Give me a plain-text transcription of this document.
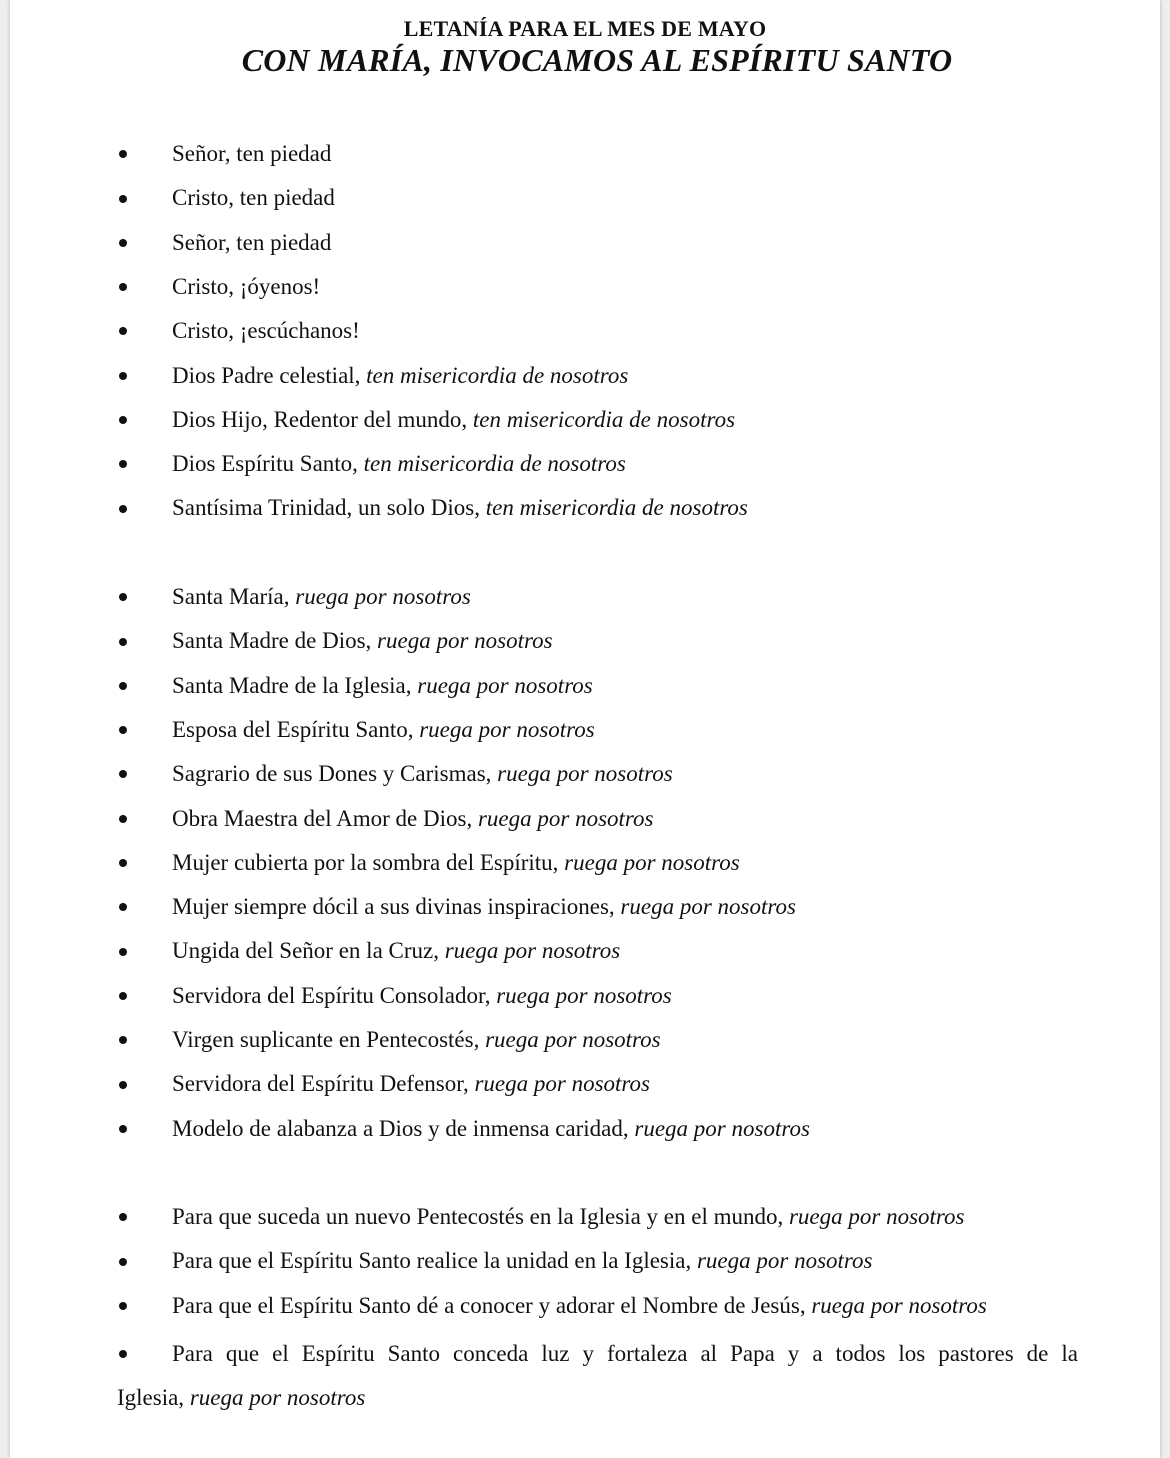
LETANÍA PARA EL MES DE MAYO
CON MARÍA, INVOCAMOS AL ESPÍRITU SANTO
Señor, ten piedad
Cristo, ten piedad
Señor, ten piedad
Cristo, ¡óyenos!
Cristo, ¡escúchanos!
Dios Padre celestial, ten misericordia de nosotros
Dios Hijo, Redentor del mundo, ten misericordia de nosotros
Dios Espíritu Santo, ten misericordia de nosotros
Santísima Trinidad, un solo Dios, ten misericordia de nosotros
Santa María, ruega por nosotros
Santa Madre de Dios, ruega por nosotros
Santa Madre de la Iglesia, ruega por nosotros
Esposa del Espíritu Santo, ruega por nosotros
Sagrario de sus Dones y Carismas, ruega por nosotros
Obra Maestra del Amor de Dios, ruega por nosotros
Mujer cubierta por la sombra del Espíritu, ruega por nosotros
Mujer siempre dócil a sus divinas inspiraciones, ruega por nosotros
Ungida del Señor en la Cruz, ruega por nosotros
Servidora del Espíritu Consolador, ruega por nosotros
Virgen suplicante en Pentecostés, ruega por nosotros
Servidora del Espíritu Defensor, ruega por nosotros
Modelo de alabanza a Dios y de inmensa caridad, ruega por nosotros
Para que suceda un nuevo Pentecostés en la Iglesia y en el mundo, ruega por nosotros
Para que el Espíritu Santo realice la unidad en la Iglesia, ruega por nosotros
Para que el Espíritu Santo dé a conocer y adorar el Nombre de Jesús, ruega por nosotros
Para que el Espíritu Santo conceda luz y fortaleza al Papa y a todos los pastores de la
Iglesia, ruega por nosotros
